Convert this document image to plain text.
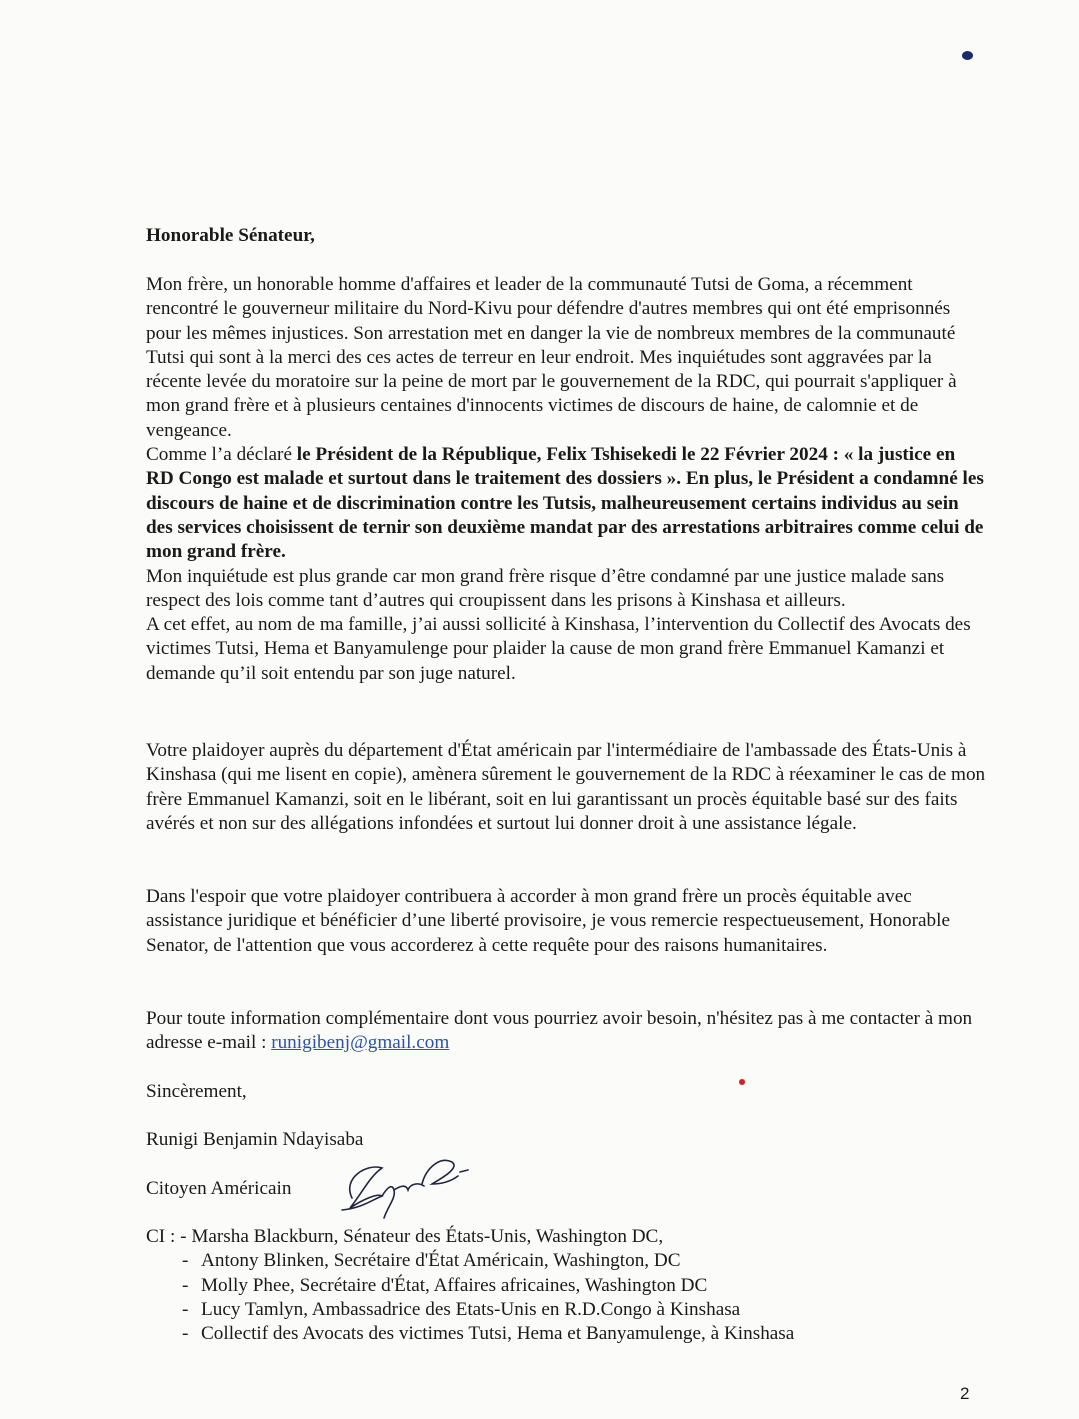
Honorable Sénateur,

Mon frère, un honorable homme d'affaires et leader de la communauté Tutsi de Goma, a récemment rencontré le gouverneur militaire du Nord-Kivu pour défendre d'autres membres qui ont été emprisonnés pour les mêmes injustices. Son arrestation met en danger la vie de nombreux membres de la communauté Tutsi qui sont à la merci des ces actes de terreur en leur endroit. Mes inquiétudes sont aggravées par la récente levée du moratoire sur la peine de mort par le gouvernement de la RDC, qui pourrait s'appliquer à mon grand frère et à plusieurs centaines d'innocents victimes de discours de haine, de calomnie et de vengeance.

Comme l’a déclaré le Président de la République, Felix Tshisekedi le 22 Février 2024 : « la justice en RD Congo est malade et surtout dans le traitement des dossiers ». En plus, le Président a condamné les discours de haine et de discrimination contre les Tutsis, malheureusement certains individus au sein des services choisissent de ternir son deuxième mandat par des arrestations arbitraires comme celui de mon grand frère.

Mon inquiétude est plus grande car mon grand frère risque d’être condamné par une justice malade sans respect des lois comme tant d’autres qui croupissent dans les prisons à Kinshasa et ailleurs.

A cet effet, au nom de ma famille, j’ai aussi sollicité à Kinshasa, l’intervention du Collectif des Avocats des victimes Tutsi, Hema et Banyamulenge pour plaider la cause de mon grand frère Emmanuel Kamanzi et demande qu’il soit entendu par son juge naturel.

Votre plaidoyer auprès du département d'État américain par l'intermédiaire de l'ambassade des États-Unis à Kinshasa (qui me lisent en copie), amènera sûrement le gouvernement de la RDC à réexaminer le cas de mon frère Emmanuel Kamanzi, soit en le libérant, soit en lui garantissant un procès équitable basé sur des faits avérés et non sur des allégations infondées et surtout lui donner droit à une assistance légale.
Dans l'espoir que votre plaidoyer contribuera à accorder à mon grand frère un procès équitable avec assistance juridique et bénéficier d’une liberté provisoire, je vous remercie respectueusement, Honorable Senator, de l'attention que vous accorderez à cette requête pour des raisons humanitaires.
Pour toute information complémentaire dont vous pourriez avoir besoin, n'hésitez pas à me contacter à mon adresse e-mail : runigibenj@gmail.com
Sincèrement,
Runigi Benjamin Ndayisaba
Citoyen Américain

CI : - Marsha Blackburn, Sénateur des États-Unis, Washington DC,

- Antony Blinken, Secrétaire d'État Américain, Washington, DC

- Molly Phee, Secrétaire d'État, Affaires africaines, Washington DC

- Lucy Tamlyn, Ambassadrice des Etats-Unis en R.D.Congo à Kinshasa

- Collectif des Avocats des victimes Tutsi, Hema et Banyamulenge, à Kinshasa

2
